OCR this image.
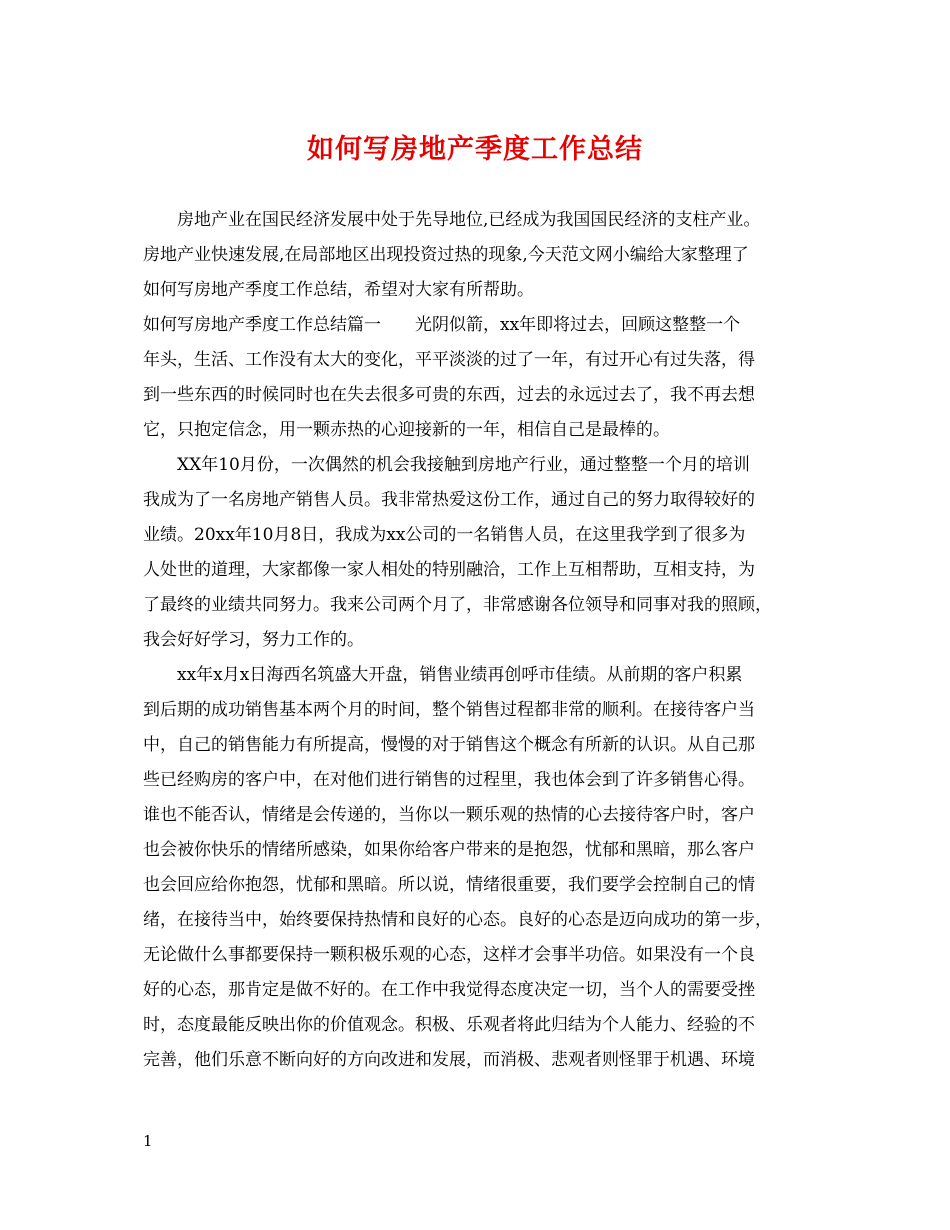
如何写房地产季度工作总结
　　房地产业在国民经济发展中处于先导地位,已经成为我国国民经济的支柱产业。
房地产业快速发展,在局部地区出现投资过热的现象,今天范文网小编给大家整理了
如何写房地产季度工作总结，希望对大家有所帮助。
如何写房地产季度工作总结篇一　　光阴似箭，xx年即将过去，回顾这整整一个
年头，生活、工作没有太大的变化，平平淡淡的过了一年，有过开心有过失落，得
到一些东西的时候同时也在失去很多可贵的东西，过去的永远过去了，我不再去想
它，只抱定信念，用一颗赤热的心迎接新的一年，相信自己是最棒的。
　　XX年10月份，一次偶然的机会我接触到房地产行业，通过整整一个月的培训
我成为了一名房地产销售人员。我非常热爱这份工作，通过自己的努力取得较好的
业绩。20xx年10月8日，我成为xx公司的一名销售人员，在这里我学到了很多为
人处世的道理，大家都像一家人相处的特别融洽，工作上互相帮助，互相支持，为
了最终的业绩共同努力。我来公司两个月了，非常感谢各位领导和同事对我的照顾，
我会好好学习，努力工作的。
　　xx年x月x日海西名筑盛大开盘，销售业绩再创呼市佳绩。从前期的客户积累
到后期的成功销售基本两个月的时间，整个销售过程都非常的顺利。在接待客户当
中，自己的销售能力有所提高，慢慢的对于销售这个概念有所新的认识。从自己那
些已经购房的客户中，在对他们进行销售的过程里，我也体会到了许多销售心得。
谁也不能否认，情绪是会传递的，当你以一颗乐观的热情的心去接待客户时，客户
也会被你快乐的情绪所感染，如果你给客户带来的是抱怨，忧郁和黑暗，那么客户
也会回应给你抱怨，忧郁和黑暗。所以说，情绪很重要，我们要学会控制自己的情
绪，在接待当中，始终要保持热情和良好的心态。良好的心态是迈向成功的第一步，
无论做什么事都要保持一颗积极乐观的心态，这样才会事半功倍。如果没有一个良
好的心态，那肯定是做不好的。在工作中我觉得态度决定一切，当个人的需要受挫
时，态度最能反映出你的价值观念。积极、乐观者将此归结为个人能力、经验的不
完善，他们乐意不断向好的方向改进和发展，而消极、悲观者则怪罪于机遇、环境
1
